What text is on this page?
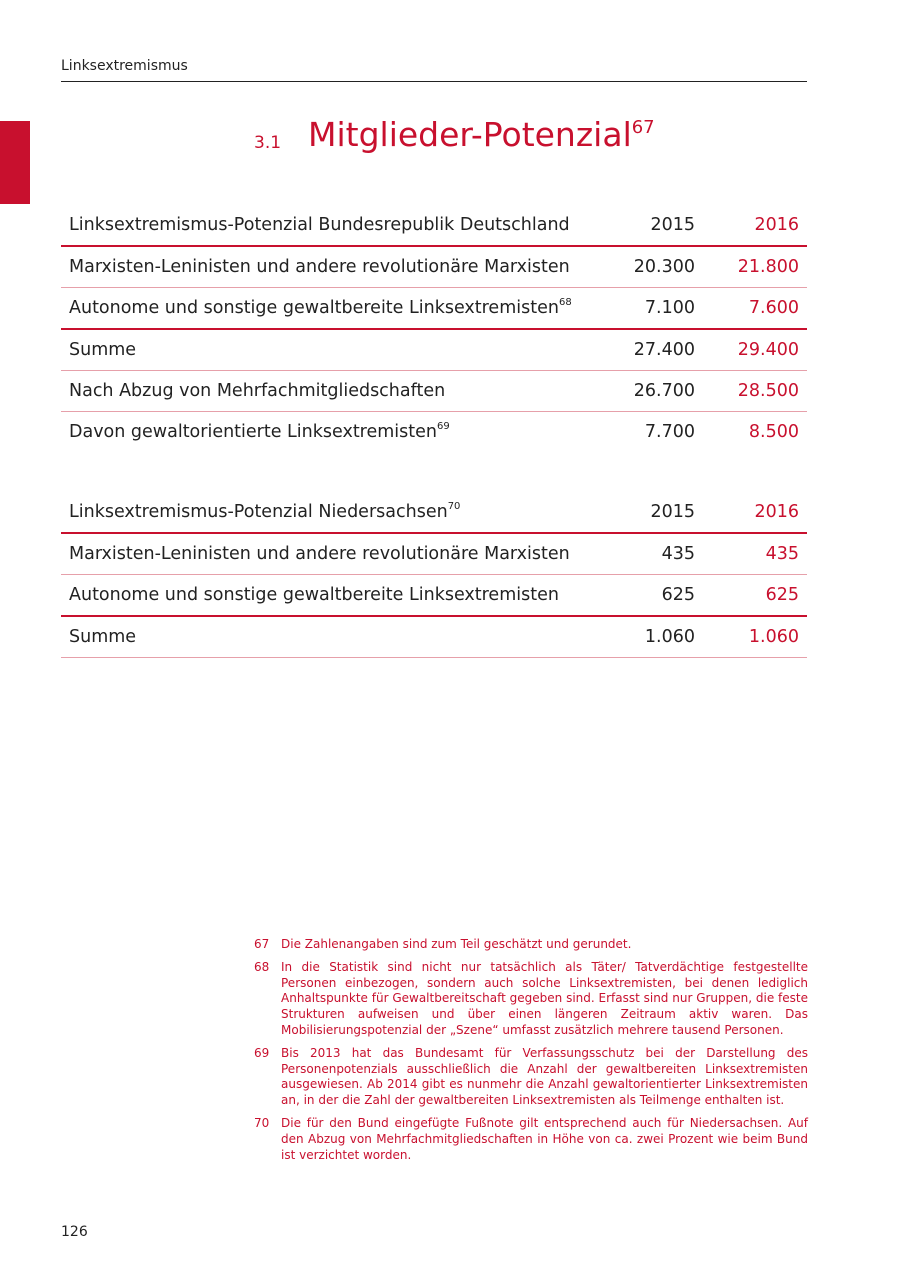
Linksextremismus
3.1 Mitglieder-Potenzial$^{67}$
Linksextremismus-Potenzial Bundesrepublik Deutschland	2015	2016
Marxisten-Leninisten und andere revolutionäre Marxisten	20.300	21.800
Autonome und sonstige gewaltbereite Linksextremisten$^{68}$	7.100	7.600
Summe	27.400	29.400
Nach Abzug von Mehrfachmitgliedschaften	26.700	28.500
Davon gewaltorientierte Linksextremisten$^{69}$	7.700	8.500
Linksextremismus-Potenzial Niedersachsen$^{70}$	2015	2016
Marxisten-Leninisten und andere revolutionäre Marxisten	435	435
Autonome und sonstige gewaltbereite Linksextremisten	625	625
Summe	1.060	1.060
67 Die Zahlenangaben sind zum Teil geschätzt und gerundet.
68 In die Statistik sind nicht nur tatsächlich als Täter/ Tatverdächtige festgestellte Personen einbezogen, sondern auch solche Linksextremisten, bei denen lediglich Anhaltspunkte für Gewaltbereitschaft gegeben sind. Erfasst sind nur Gruppen, die feste Strukturen aufweisen und über einen längeren Zeitraum aktiv waren. Das Mobilisierungspotenzial der „Szene“ umfasst zusätzlich mehrere tausend Personen.
69 Bis 2013 hat das Bundesamt für Verfassungsschutz bei der Darstellung des Personenpotenzials ausschließlich die Anzahl der gewaltbereiten Linksextremisten ausgewiesen. Ab 2014 gibt es nunmehr die Anzahl gewaltorientierter Linksextremisten an, in der die Zahl der gewaltbereiten Linksextremisten als Teilmenge enthalten ist.
70 Die für den Bund eingefügte Fußnote gilt entsprechend auch für Niedersachsen. Auf den Abzug von Mehrfachmitgliedschaften in Höhe von ca. zwei Prozent wie beim Bund ist verzichtet worden.
126
